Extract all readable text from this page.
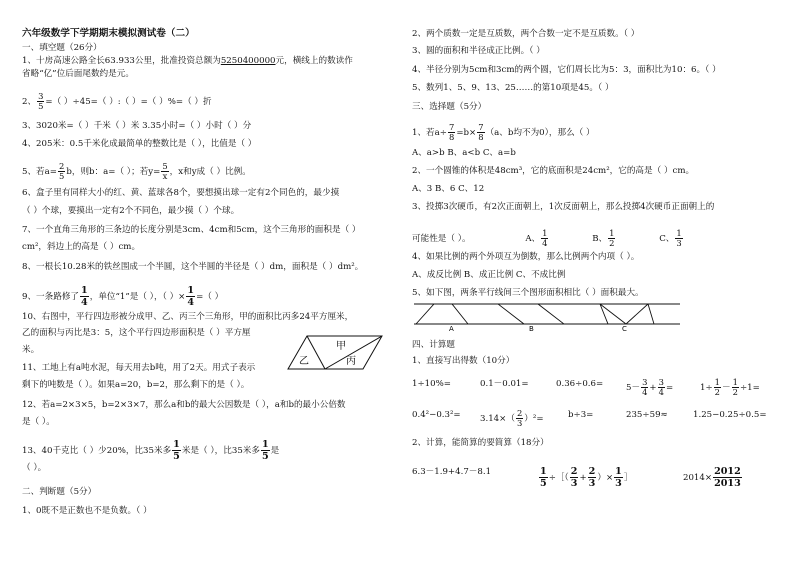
六年级数学下学期期末模拟测试卷（二）
一、填空题（26分）
1、十房高速公路全长63.933公里，批准投资总额为5250400000元，横线上的数读作
省略“亿”位后面尾数约是元。
2、 $\frac{3}{5}$ =（ ）÷45=（ ）:（ ）=（ ）%=（ ）折
3、3020米=（ ）千米（ ）米 3.35小时=（ ）小时（ ）分
4、205米：0.5千米化成最简单的整数比是（ ），比值是（ ）
5、若$a= \frac{2}{5}$ b，则b：a=（ ）；若$y= \frac{5}{x}$ ，x和y成（ ）比例。
6、盒子里有同样大小的红、黄、蓝球各8个，要想摸出球一定有2个同色的，最少摸
（ ）个球，要摸出一定有2个不同色，最少摸（ ）个球。
7、一个直角三角形的三条边的长度分别是3cm、4cm和5cm，这个三角形的面积是（ ）
cm²，斜边上的高是（ ）cm。
8、一根长10.28米的铁丝围成一个半圆，这个半圆的半径是（ ）dm，面积是（ ）dm²。
9、一条路修了 $\frac{1}{4}$ ，单位“1”是（ ），（ ）× $\frac{1}{4}$ =（ ）
10、右图中，平行四边形被分成甲、乙、丙三个三角形，甲的面积比丙多24平方厘米，
乙的面积与丙比是3：5，这个平行四边形面积是（ ）平方厘
米。	甲
乙	丙
11、工地上有a吨水泥，每天用去b吨，用了2天。用式子表示
剩下的吨数是（ ）。如果a=20，b=2，那么剩下的是（ ）。
12、若a=2×3×5，b=2×3×7，那么a和b的最大公因数是（ ），a和b的最小公倍数
是（ ）。
13、40千克比（ ）少20%，比35米多 $\frac{1}{5}$ 米是（ ），比35米多 $\frac{1}{5}$ 是
（ ）。
二、判断题（5分）
1、0既不是正数也不是负数。（ ）
2、两个质数一定是互质数，两个合数一定不是互质数。（ ）
3、圆的面积和半径成正比例。（ ）
4、半径分别为5cm和3cm的两个圆，它们周长比为5：3，面积比为10：6。（ ）
5、数列1、5、9、13、25……的第10项是45。（ ）
三、选择题（5分）
1、若$a\div \frac{7}{8} =b\times \frac{7}{8} (a$、b均不为0），那么（ ）
A、a>b B、a<b C、a=b
2、一个圆锥的体积是48cm³，它的底面积是24cm²，它的高是（ ）cm。
A、3 B、6 C、12
3、投掷3次硬币，有2次正面朝上，1次反面朝上，那么投掷4次硬币正面朝上的
可能性是（ ）。	A、 $\frac{1}{4}$	B、 $\frac{1}{2}$	C、 $\frac{1}{3}$
4、如果比例的两个外项互为倒数，那么比例两个内项（ ）。
A、成反比例 B、成正比例 C、不成比例
5、如下图，两条平行线间三个图形面积相比（ ）面积最大。
A	B	C
四、计算题
1、直接写出得数（10分）
1÷10%=	0.1－0.01=	0.36÷0.6=	$5- \frac{3}{4} + \frac{3}{4}$ =	$1\div \frac{1}{2} - \frac{1}{2} \div 1=$
$0.4^2-0.3^2= 3.14\times( \frac{2}{3} )^2=$	b÷3=	235÷59≈	1.25−0.25÷0.5=
2、计算，能简算的要简算（18分）
6.3－1.9+4.7－8.1	$\frac{1}{5}$ ÷［（ $\frac{2}{3} + \frac{2}{3}$ ）× $\frac{1}{3}$ ］	$2014\times \frac{2012}{2013}$
